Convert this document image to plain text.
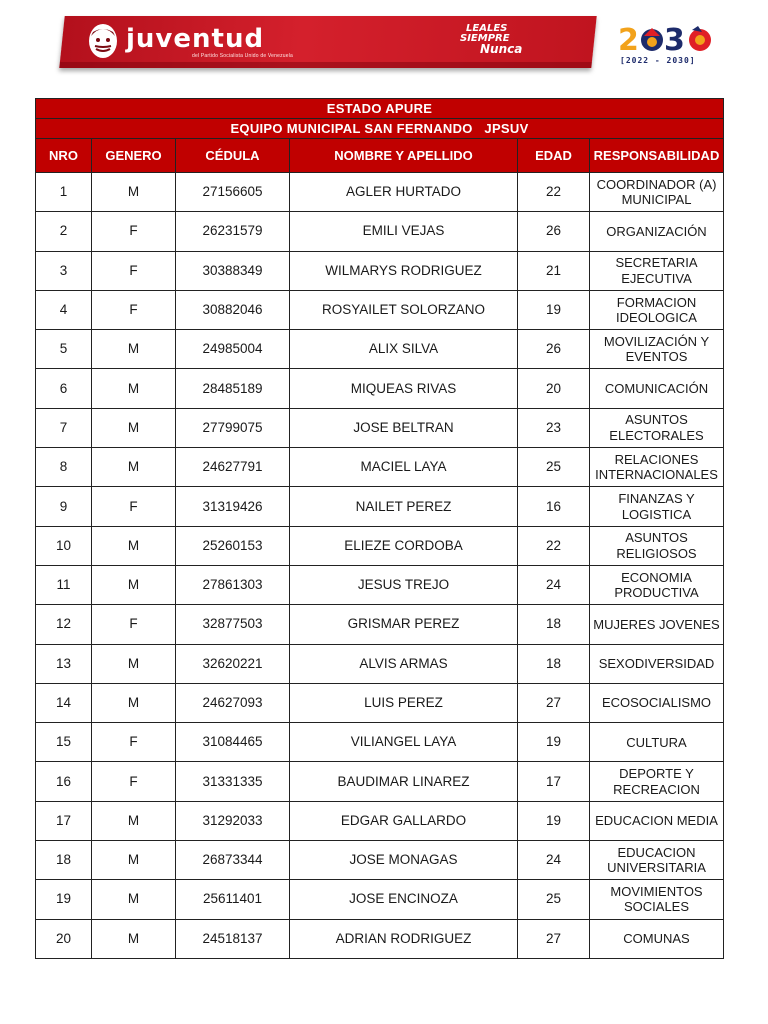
juventud
del Partido Socialista Unido de Venezuela
LEALES
SIEMPRE
Nunca	2 3
[2022 - 2030]
ESTADO APURE					
EQUIPO MUNICIPAL SAN FERNANDO   JPSUV					
NRO	GENERO	CÉDULA	NOMBRE Y APELLIDO	EDAD	RESPONSABILIDAD
1	M	27156605	AGLER HURTADO	22	COORDINADOR (A) MUNICIPAL
2	F	26231579	EMILI VEJAS	26	ORGANIZACIÓN
3	F	30388349	WILMARYS RODRIGUEZ	21	SECRETARIA EJECUTIVA
4	F	30882046	ROSYAILET SOLORZANO	19	FORMACION IDEOLOGICA
5	M	24985004	ALIX SILVA	26	MOVILIZACIÓN Y EVENTOS
6	M	28485189	MIQUEAS RIVAS	20	COMUNICACIÓN
7	M	27799075	JOSE BELTRAN	23	ASUNTOS ELECTORALES
8	M	24627791	MACIEL LAYA	25	RELACIONES INTERNACIONALES
9	F	31319426	NAILET PEREZ	16	FINANZAS Y LOGISTICA
10	M	25260153	ELIEZE CORDOBA	22	ASUNTOS RELIGIOSOS
11	M	27861303	JESUS TREJO	24	ECONOMIA PRODUCTIVA
12	F	32877503	GRISMAR PEREZ	18	MUJERES JOVENES
13	M	32620221	ALVIS ARMAS	18	SEXODIVERSIDAD
14	M	24627093	LUIS PEREZ	27	ECOSOCIALISMO
15	F	31084465	VILIANGEL LAYA	19	CULTURA
16	F	31331335	BAUDIMAR LINAREZ	17	DEPORTE Y RECREACION
17	M	31292033	EDGAR GALLARDO	19	EDUCACION MEDIA
18	M	26873344	JOSE MONAGAS	24	EDUCACION UNIVERSITARIA
19	M	25611401	JOSE ENCINOZA	25	MOVIMIENTOS SOCIALES
20	M	24518137	ADRIAN RODRIGUEZ	27	COMUNAS
